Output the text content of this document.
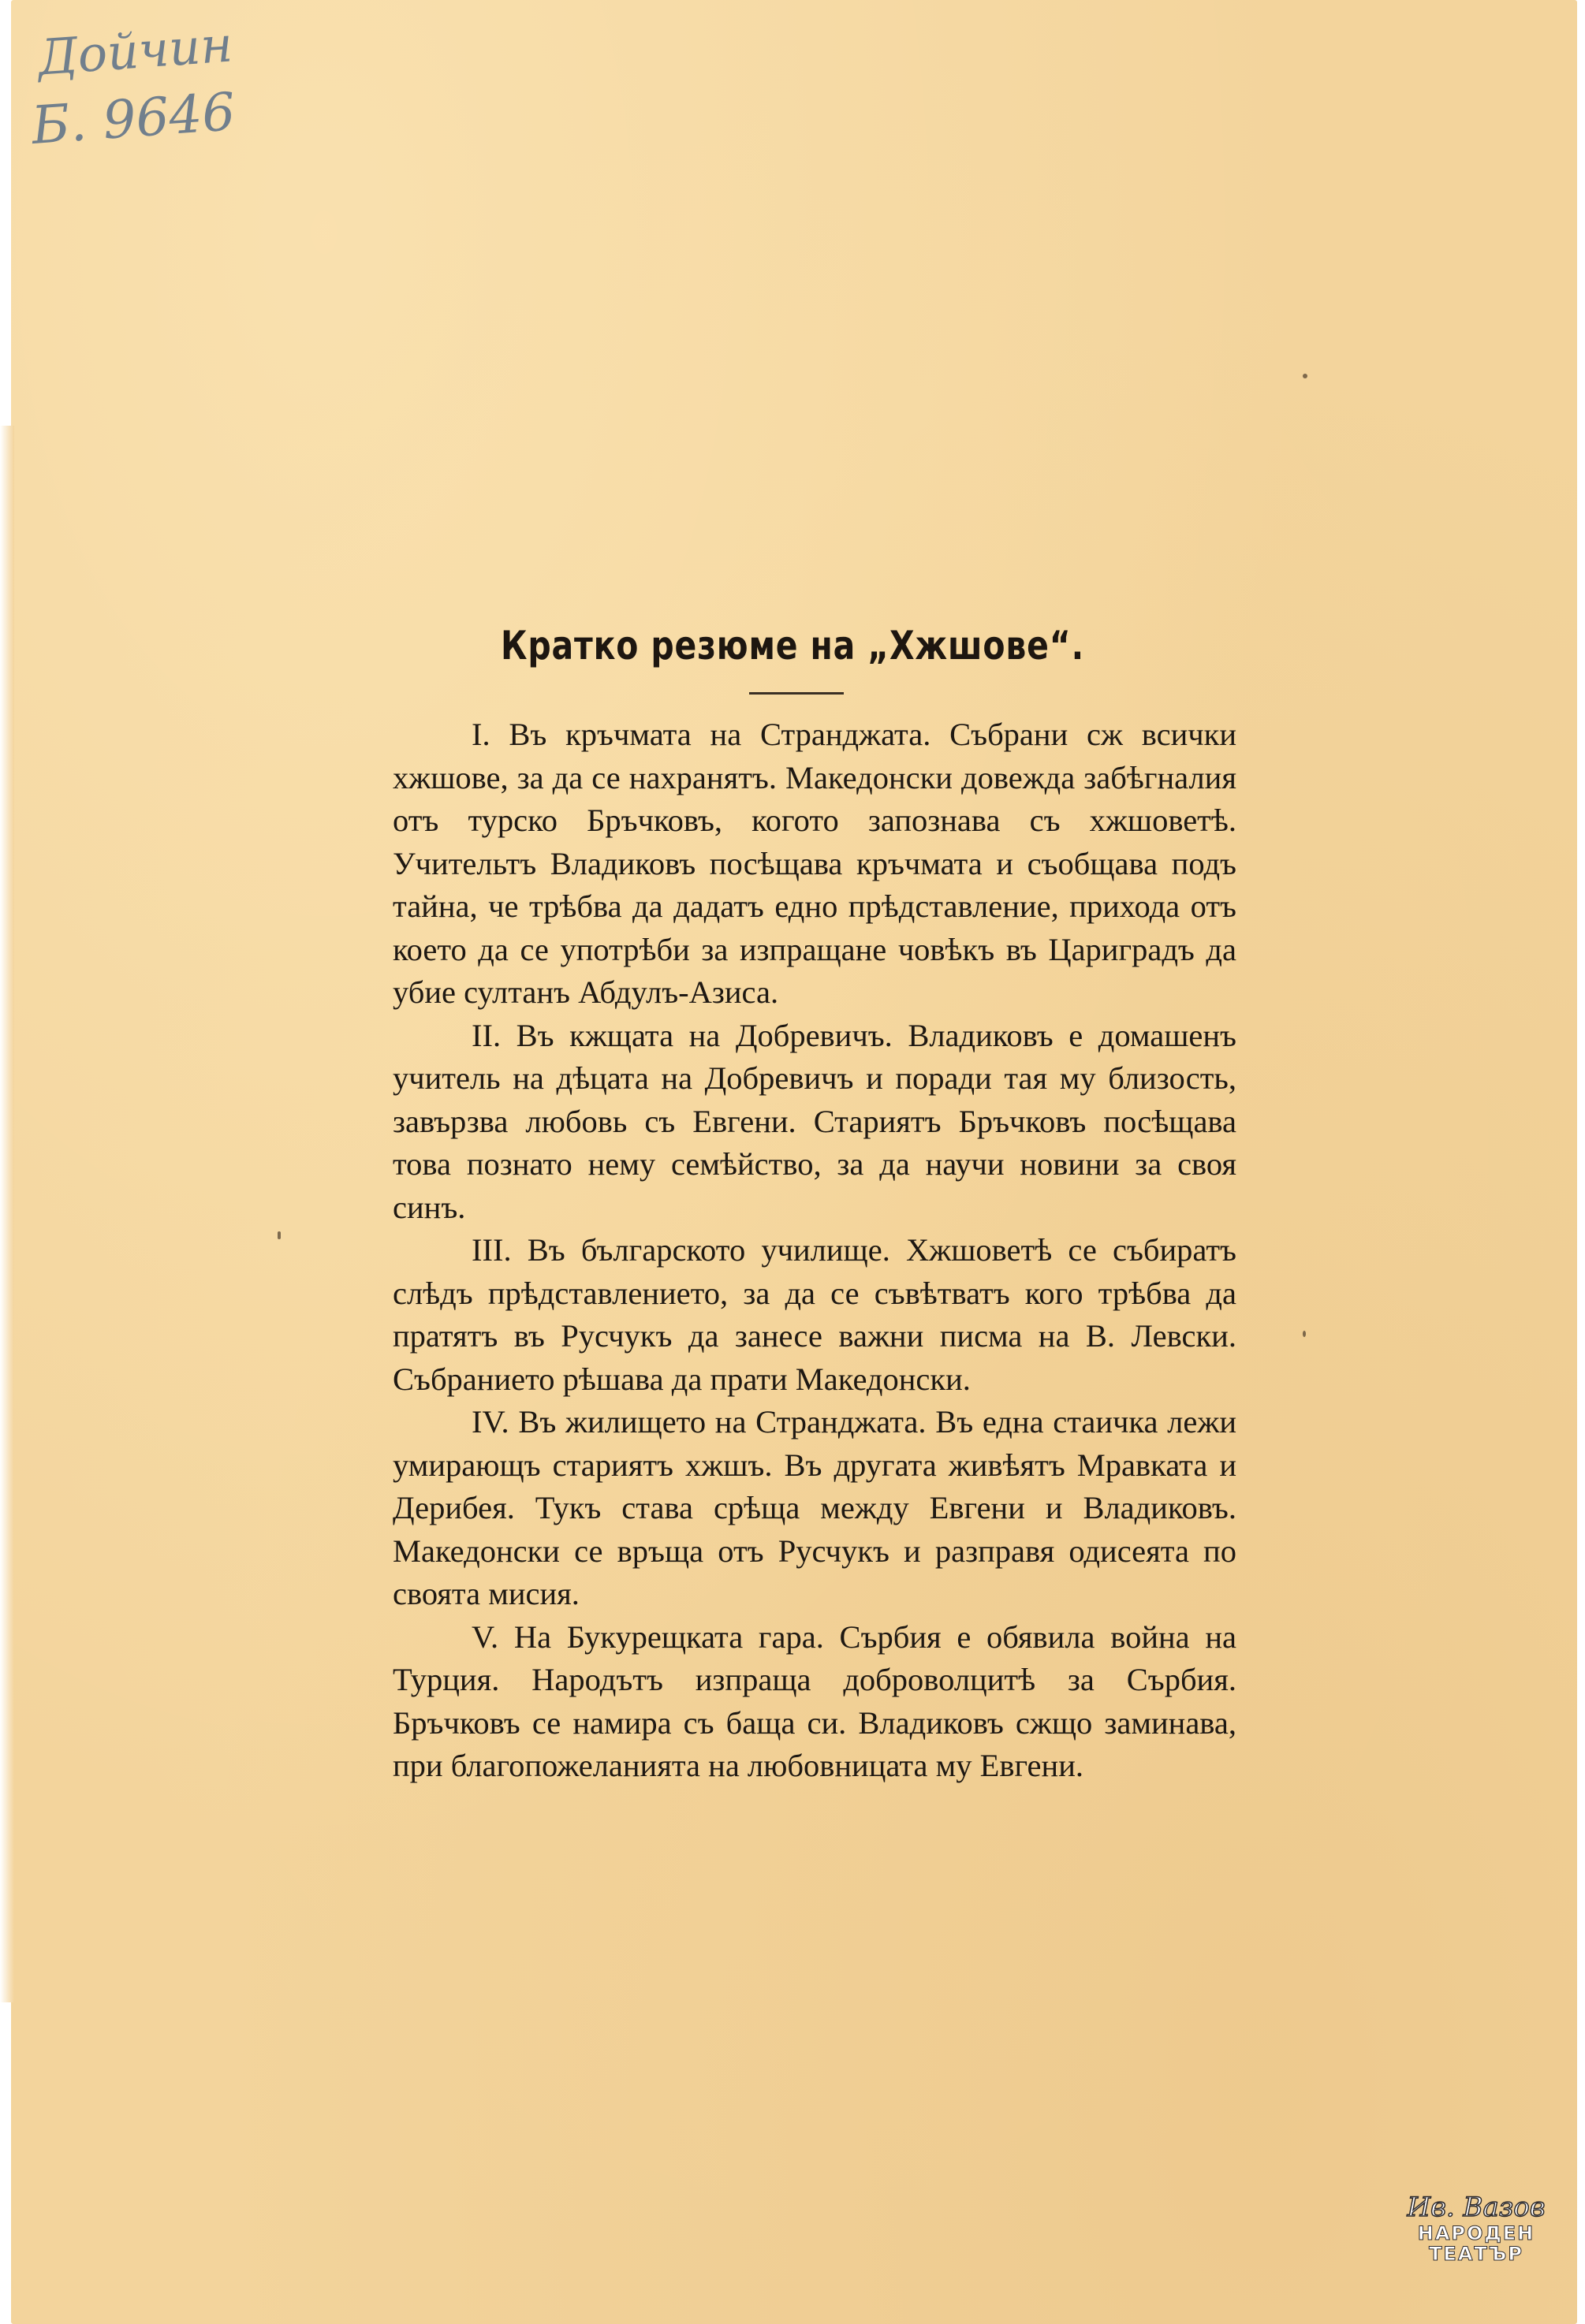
Дойчин
Б. 9646
Кратко резюме на „Хжшове“.

I. Въ кръчмата на Странджата. Събрани сж всички хжшове, за да се нахранятъ. Македонски довежда забѣгналия отъ турско Бръчковъ, когото запознава съ хжшоветѣ. Учительтъ Владиковъ посѣщава кръчмата и съобщава подъ тайна, че трѣбва да дадатъ едно прѣдставление, прихода отъ което да се употрѣби за изпращане човѣкъ въ Цариградъ да убие султанъ Абдулъ-Азиса.

II. Въ кжщата на Добревичъ. Владиковъ е домашенъ учитель на дѣцата на Добревичъ и поради тая му близость, завързва любовь съ Евгени. Стариятъ Бръчковъ посѣщава това познато нему семѣйство, за да научи новини за своя синъ.

III. Въ българското училище. Хжшоветѣ се събиратъ слѣдъ прѣдставлението, за да се съвѣтватъ кого трѣбва да пратятъ въ Русчукъ да занесе важни писма на В. Левски. Събранието рѣшава да прати Македонски.

IV. Въ жилището на Странджата. Въ една стаичка лежи умирающъ стариятъ хжшъ. Въ другата живѣятъ Мравката и Дерибея. Тукъ става срѣща между Евгени и Владиковъ. Македонски се връща отъ Русчукъ и разправя одисеята по своята мисия.

V. На Букурещката гара. Сърбия е обявила война на Турция. Народътъ изпраща доброволцитѣ за Сърбия. Бръчковъ се намира съ баща си. Владиковъ сжщо заминава, при благопожеланията на любовницата му Евгени.

Ив. Вазов
НАРОДЕН
ТЕАТЪР
